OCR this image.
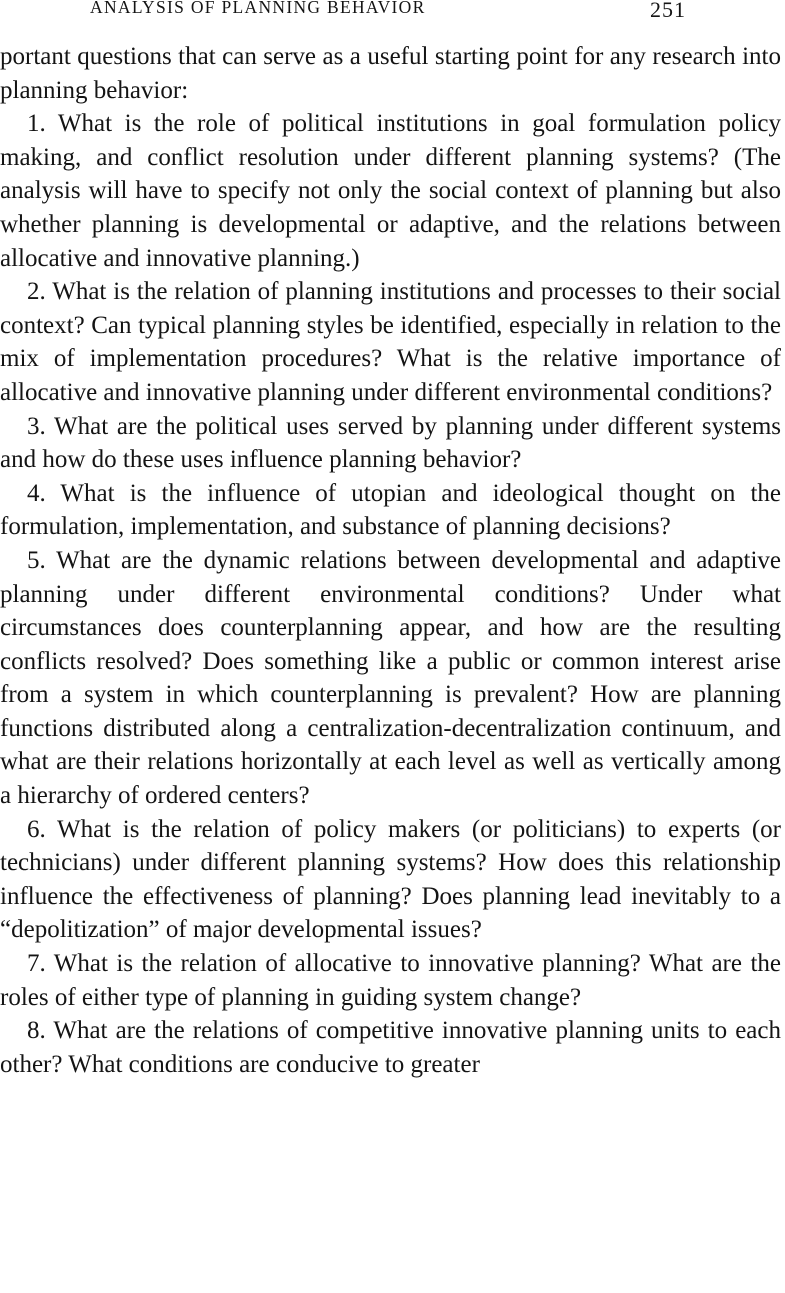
ANALYSIS OF PLANNING BEHAVIOR	251

portant questions that can serve as a useful starting point for any research into planning behavior:

1. What is the role of political institutions in goal formulation policy making, and conflict resolution under different planning systems? (The analysis will have to specify not only the social context of planning but also whether planning is developmental or adaptive, and the relations between allocative and innovative planning.)

2. What is the relation of planning institutions and processes to their social context? Can typical planning styles be identified, especially in relation to the mix of implementation procedures? What is the relative importance of allocative and innovative planning under different environmental conditions?

3. What are the political uses served by planning under different systems and how do these uses influence planning behavior?

4. What is the influence of utopian and ideological thought on the formulation, implementation, and substance of planning decisions?

5. What are the dynamic relations between developmental and adaptive planning under different environmental conditions? Under what circumstances does counterplanning appear, and how are the resulting conflicts resolved? Does something like a public or common interest arise from a system in which counterplanning is prevalent? How are planning functions distributed along a centralization-decentralization continuum, and what are their relations horizontally at each level as well as vertically among a hierarchy of ordered centers?

6. What is the relation of policy makers (or politicians) to experts (or technicians) under different planning systems? How does this relationship influence the effectiveness of planning? Does planning lead inevitably to a “depolitization” of major developmental issues?

7. What is the relation of allocative to innovative planning? What are the roles of either type of planning in guiding system change?

8. What are the relations of competitive innovative planning units to each other? What conditions are conducive to greater
